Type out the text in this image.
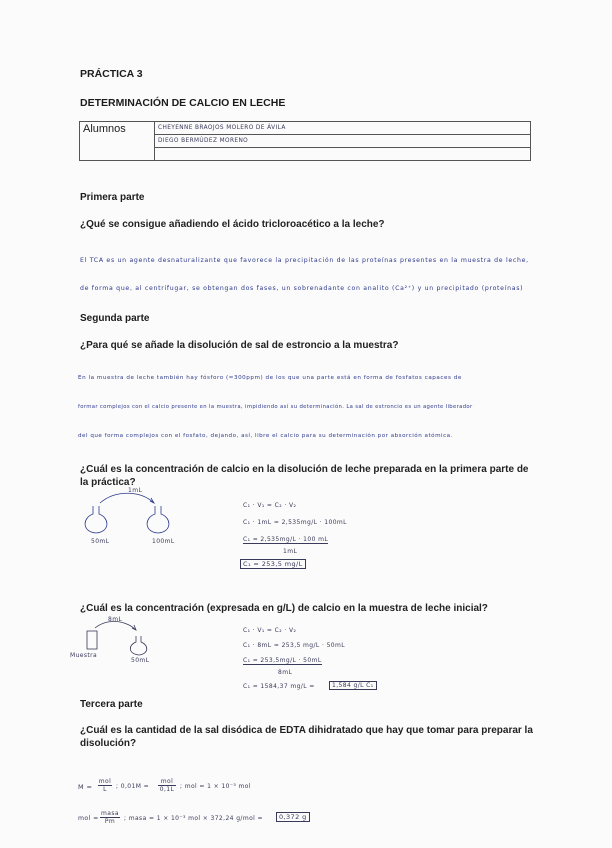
PRÁCTICA 3
DETERMINACIÓN DE CALCIO EN LECHE
Alumnos	CHEYENNE BRAOJOS MOLERO DE ÁVILA
DIEGO BERMÚDEZ MORENO

Primera parte
¿Qué se consigue añadiendo el ácido tricloroacético a la leche?
El TCA es un agente desnaturalizante que favorece la precipitación de las proteínas presentes en la muestra de leche,
de forma que, al centrifugar, se obtengan dos fases, un sobrenadante con analito (Ca²⁺) y un precipitado (proteínas)
Segunda parte
¿Para qué se añade la disolución de sal de estroncio a la muestra?
En la muestra de leche también hay fósforo (≈300ppm) de los que una parte está en forma de fosfatos capaces de
formar complejos con el calcio presente en la muestra, impidiendo así su determinación. La sal de estroncio es un agente liberador
del que forma complejos con el fosfato, dejando, así, libre el calcio para su determinación por absorción atómica.
¿Cuál es la concentración de calcio en la disolución de leche preparada en la primera parte de
la práctica?
1mL
50mL	100mL
C₁ · V₁ = C₂ · V₂
C₁ · 1mL = 2,535mg/L · 100mL
C₁ = 2,535mg/L · 100 mL
1mL
C₁ = 253,5 mg/L
¿Cuál es la concentración (expresada en g/L) de calcio en la muestra de leche inicial?
8mL
Muestra
50mL
C₁ · V₁ = C₂ · V₂
C₁ · 8mL = 253,5 mg/L · 50mL
C₁ = 253,5mg/L · 50mL
8mL
C₁ = 1584,37 mg/L =	1,584 g/L C₁
Tercera parte
¿Cuál es la cantidad de la sal disódica de EDTA dihidratado que hay que tomar para preparar la
disolución?
M =
mol
L	; 0,01M =
mol
0,1L ; mol = 1 × 10⁻³ mol
mol =
masa
Pm	; masa = 1 × 10⁻³ mol × 372,24 g/mol =	0,372 g
